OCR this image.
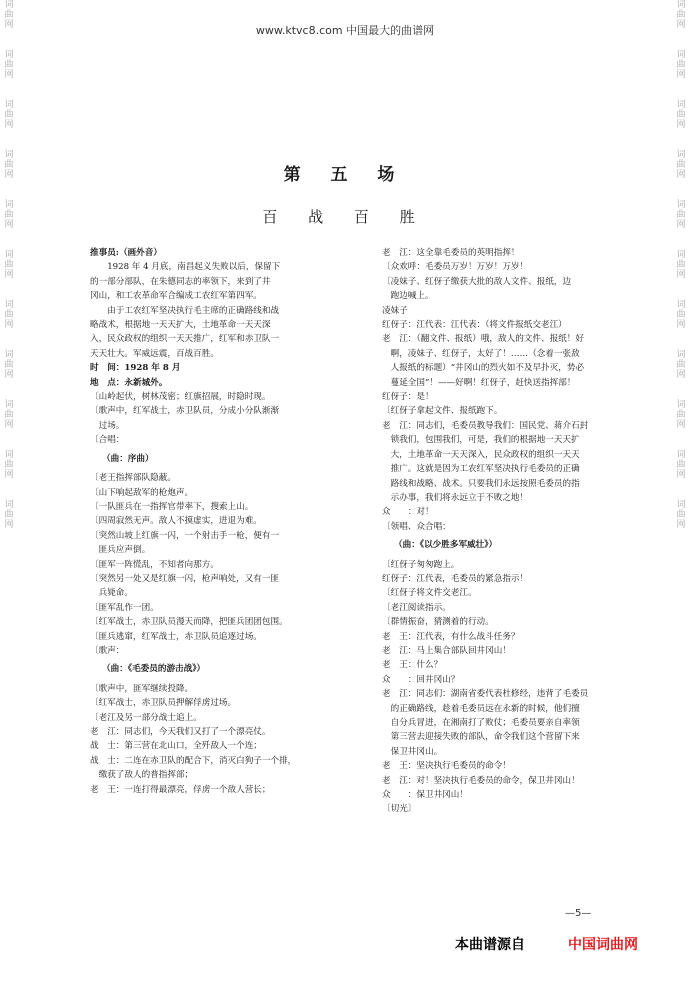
词
曲
网
词
曲
网
词
曲
网
词
曲
网
词
曲
网
词
曲
网
词
曲
网
词
曲
网
词
曲
网
词
曲
网
词
曲
网
词
曲
网
词
曲
网
词
曲
网
词
曲
网
词
曲
网
词
曲
网
词
曲
网
词
曲
网
词
曲
网
词
曲
网
词
曲
网
www.ktvc8.com 中国最大的曲谱网
第 五 场
百 战 百 胜
推事员:（画外音）
　　1928 年 4 月底，南昌起义失败以后，保留下
的一部分部队，在朱德同志的率领下，来到了井
冈山，和工农革命军合编成工农红军第四军。
　　由于工农红军坚决执行毛主席的正确路线和战
略战术，根据地一天天扩大，土地革命一天天深
入，民众政权的组织一天天推广，红军和赤卫队一
天天壮大。军威远震，百战百胜。
时　间：1928 年 8 月
地　点：永新城外。
〔山岭起伏，树林茂密；红旗招展，时隐时现。
〔歌声中，红军战士，赤卫队员，分成小分队渐渐
　过场。
〔合唱：
（曲：序曲）
〔老王指挥部队隐蔽。
〔山下响起敌军的枪炮声。
〔一队匪兵在一指挥官带率下，搜索上山。
〔四周寂然无声。敌人不摸虚实，进退为难。
〔突然山坡上红旗一闪，一个射击手一枪，便有一
　匪兵应声倒。
〔匪军一阵慌乱，不知者向那方。
〔突然另一处又是红旗一闪，枪声响处，又有一匪
　兵毙命。
〔匪军乱作一团。
〔红军战士，赤卫队员漫天而降，把匪兵团团包围。
〔匪兵逃窜，红军战士，赤卫队员追逐过场。
〔歌声：
（曲：《毛委员的游击战》）
〔歌声中，匪军继续投降。
〔红军战士，赤卫队员押解俘虏过场。
〔老江及另一部分战士追上。
老　江：同志们，今天我们又打了一个漂亮仗。
战　士：第三营在北山口，全歼敌人一个连；
战　士：二连在赤卫队的配合下，消灭白狗子一个排，
　缴获了敌人的普指挥部；
老　王：一连打得最漂亮，俘虏一个敌人营长；
老　江：这全靠毛委员的英明指挥！
〔众欢呼：毛委员万岁！万岁！万岁！
〔凌妹子、红伢子缴获大批的敌人文件、报纸，边
　跑边喊上。
凌妹子
红伢子：江代表：江代表：（将文件报纸交老江）
老　江：（翻文件、报纸）哦，敌人的文件、报纸！好
　啊，凌妹子、红伢子，太好了！……（念着一张敌
　人报纸的标题）“井冈山的烈火如不及早扑灭，势必
　蔓延全国”！——好啊！红伢子，赶快送指挥部！
红伢子：是！
〔红伢子拿起文件、报纸跑下。
老　江：同志们，毛委员教导我们：国民党、蒋介石封
　锁我们，包围我们，可是，我们的根据地一天天扩
　大，土地革命一天天深入，民众政权的组织一天天
　推广。这就是因为工农红军坚决执行毛委员的正确
　路线和战略、战术。只要我们永远按照毛委员的指
　示办事，我们将永远立于不败之地！
众　　：对！
〔领唱、众合唱：
（曲：《以少胜多军威壮》）
〔红伢子匆匆跑上。
红伢子：江代表，毛委员的紧急指示！
〔红伢子将文件交老江。
〔老江阅读指示。
〔群情振奋，猜测着的行动。
老　王：江代表，有什么战斗任务？
老　江：马上集合部队回井冈山！
老　王：什么？
众　　：回井冈山？
老　江：同志们：湖南省委代表杜修经，违背了毛委员
　的正确路线，趁着毛委员远在永新的时候，他们擅
　自分兵冒进，在湘南打了败仗；毛委员要亲自率领
　第三营去迎接失败的部队，命令我们这个营留下来
　保卫井冈山。
老　王：坚决执行毛委员的命令！
老　江：对！坚决执行毛委员的命令，保卫井冈山！
众　　：保卫井冈山！
〔切光〕
—5—
本曲谱源自	中国词曲网
